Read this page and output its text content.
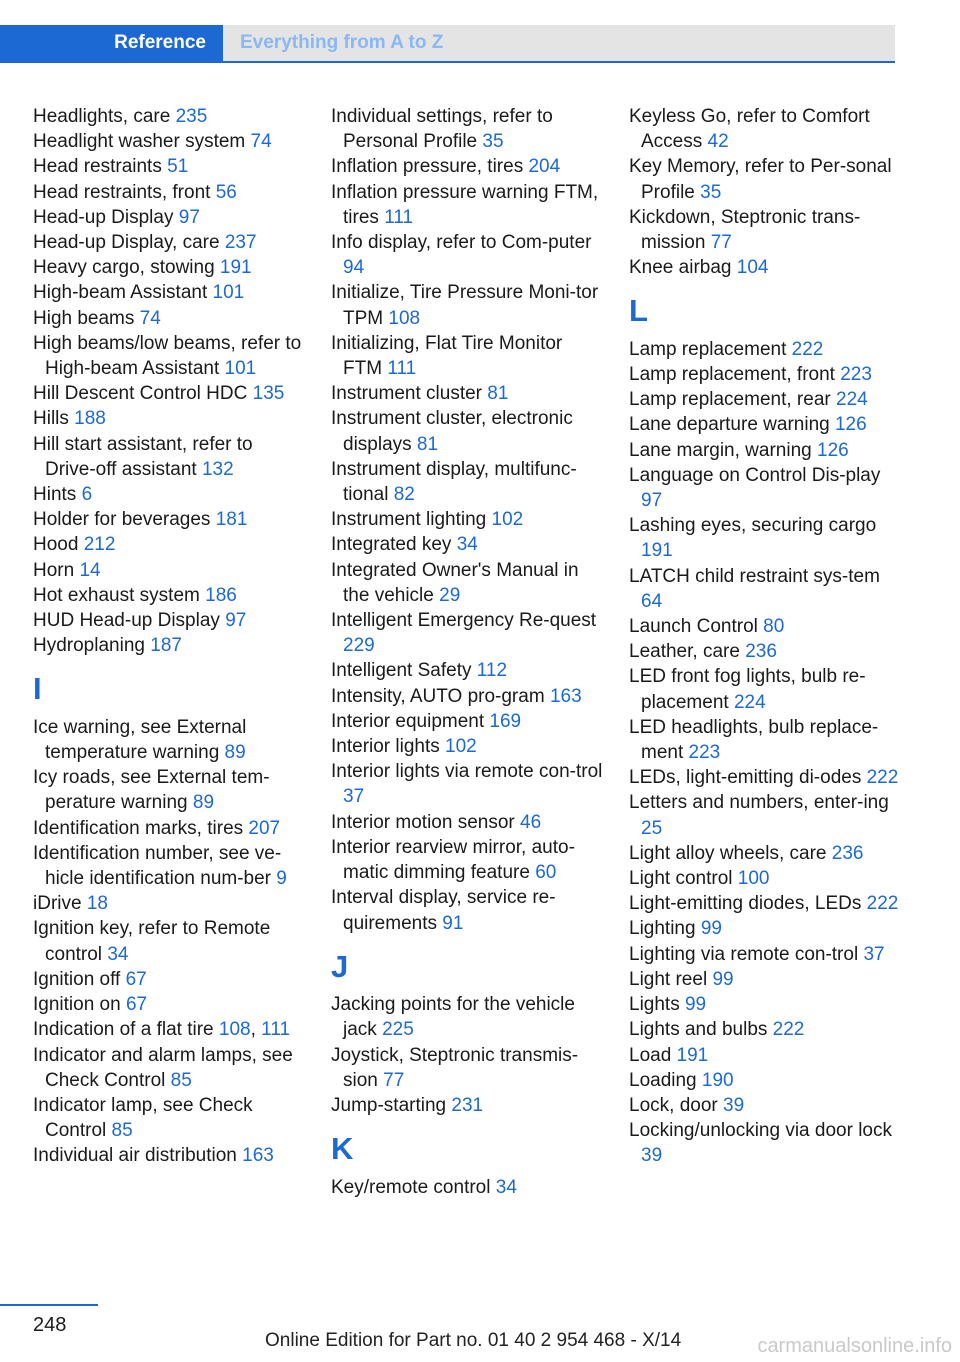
Reference	Everything from A to Z
Headlights, care 235
Headlight washer system 74
Head restraints 51
Head restraints, front 56
Head-up Display 97
Head-up Display, care 237
Heavy cargo, stowing 191
High-beam Assistant 101
High beams 74
High beams/low beams, refer to High-beam Assistant 101
Hill Descent Control HDC 135
Hills 188
Hill start assistant, refer to Drive-off assistant 132
Hints 6
Holder for beverages 181
Hood 212
Horn 14
Hot exhaust system 186
HUD Head-up Display 97
Hydroplaning 187
I
Ice warning, see External temperature warning 89
Icy roads, see External tem‐perature warning 89
Identification marks, tires 207
Identification number, see ve‐hicle identification num‐ber 9
iDrive 18
Ignition key, refer to Remote control 34
Ignition off 67
Ignition on 67
Indication of a flat tire 108, 111
Indicator and alarm lamps, see Check Control 85
Indicator lamp, see Check Control 85
Individual air distribution 163
Individual settings, refer to Personal Profile 35
Inflation pressure, tires 204
Inflation pressure warning FTM, tires 111
Info display, refer to Com‐puter 94
Initialize, Tire Pressure Moni‐tor TPM 108
Initializing, Flat Tire Monitor FTM 111
Instrument cluster 81
Instrument cluster, electronic displays 81
Instrument display, multifunc‐tional 82
Instrument lighting 102
Integrated key 34
Integrated Owner's Manual in the vehicle 29
Intelligent Emergency Re‐quest 229
Intelligent Safety 112
Intensity, AUTO pro‐gram 163
Interior equipment 169
Interior lights 102
Interior lights via remote con‐trol 37
Interior motion sensor 46
Interior rearview mirror, auto‐matic dimming feature 60
Interval display, service re‐quirements 91
J
Jacking points for the vehicle jack 225
Joystick, Steptronic transmis‐sion 77
Jump-starting 231
K
Key/remote control 34
Keyless Go, refer to Comfort Access 42
Key Memory, refer to Per‐sonal Profile 35
Kickdown, Steptronic trans‐mission 77
Knee airbag 104
L
Lamp replacement 222
Lamp replacement, front 223
Lamp replacement, rear 224
Lane departure warning 126
Lane margin, warning 126
Language on Control Dis‐play 97
Lashing eyes, securing cargo 191
LATCH child restraint sys‐tem 64
Launch Control 80
Leather, care 236
LED front fog lights, bulb re‐placement 224
LED headlights, bulb replace‐ment 223
LEDs, light-emitting di‐odes 222
Letters and numbers, enter‐ing 25
Light alloy wheels, care 236
Light control 100
Light-emitting diodes, LEDs 222
Lighting 99
Lighting via remote con‐trol 37
Light reel 99
Lights 99
Lights and bulbs 222
Load 191
Loading 190
Lock, door 39
Locking/unlocking via door lock 39
248
Online Edition for Part no. 01 40 2 954 468 - X/14	carmanualsonline.info
